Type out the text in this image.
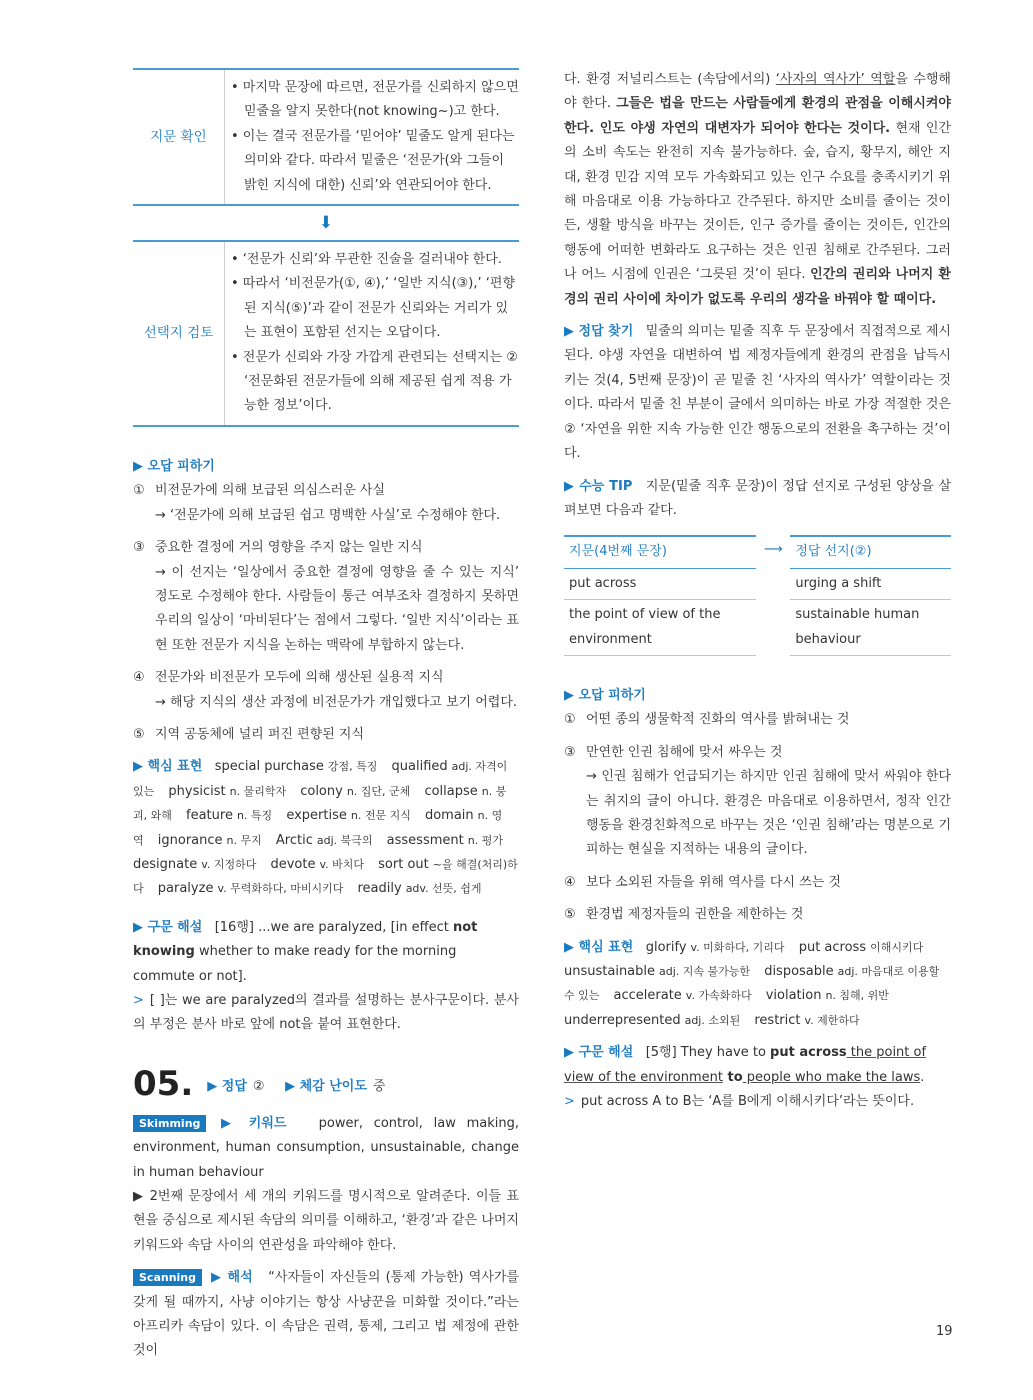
지문 확인
• 마지막 문장에 따르면, 전문가를 신뢰하지 않으면 믿줄을 알지 못한다(not knowing~)고 한다.
• 이는 결국 전문가를 ‘믿어야’ 밑줄도 알게 된다는 의미와 같다. 따라서 밑줄은 ‘전문가(와 그들이 밝힌 지식에 대한) 신뢰’와 연관되어야 한다.
⬇
선택지 검토
• ‘전문가 신뢰’와 무관한 진술을 걸러내야 한다.
• 따라서 ‘비전문가(①, ④),’ ‘일반 지식(③),’ ‘편향된 지식(⑤)’과 같이 전문가 신뢰와는 거리가 있는 표현이 포함된 선지는 오답이다.
• 전문가 신뢰와 가장 가깝게 관련되는 선택지는 ② ‘전문화된 전문가들에 의해 제공된 쉽게 적용 가능한 정보’이다.
▶ 오답 피하기
① 비전문가에 의해 보급된 의심스러운 사실
→ ‘전문가에 의해 보급된 쉽고 명백한 사실’로 수정해야 한다.
③ 중요한 결정에 거의 영향을 주지 않는 일반 지식
→ 이 선지는 ‘일상에서 중요한 결정에 영향을 줄 수 있는 지식’ 정도로 수정해야 한다. 사람들이 통근 여부조차 결정하지 못하면 우리의 일상이 ‘마비된다’는 점에서 그렇다. ‘일반 지식’이라는 표현 또한 전문가 지식을 논하는 맥락에 부합하지 않는다.
④ 전문가와 비전문가 모두에 의해 생산된 실용적 지식
→ 해당 지식의 생산 과정에 비전문가가 개입했다고 보기 어렵다.
⑤ 지역 공동체에 널리 퍼진 편향된 지식
▶ 핵심 표현 special purchase 강점, 특징 qualified adj. 자격이 있는 physicist n. 물리학자 colony n. 집단, 군체 collapse n. 붕괴, 와해 feature n. 특징 expertise n. 전문 지식 domain n. 영역 ignorance n. 무지 Arctic adj. 북극의 assessment n. 평가 designate v. 지정하다 devote v. 바치다 sort out ~을 해결(처리)하다 paralyze v. 무력화하다, 마비시키다 readily adv. 선뜻, 쉽게
▶ 구문 해설 [16행] ...we are paralyzed, [in effect not knowing whether to make ready for the morning commute or not].
> [ ]는 we are paralyzed의 결과를 설명하는 분사구문이다. 분사의 부정은 분사 바로 앞에 not을 붙여 표현한다.
05. ▶ 정답 ② ▶ 체감 난이도 중
Skimming ▶ 키워드 power, control, law making, environment, human consumption, unsustainable, change in human behaviour
▶ 2번째 문장에서 세 개의 키워드를 명시적으로 알려준다. 이들 표현을 중심으로 제시된 속담의 의미를 이해하고, ‘환경’과 같은 나머지 키워드와 속담 사이의 연관성을 파악해야 한다.
Scanning ▶ 해석 “사자들이 자신들의 (통제 가능한) 역사가를 갖게 될 때까지, 사냥 이야기는 항상 사냥꾼을 미화할 것이다.”라는 아프리카 속담이 있다. 이 속담은 권력, 통제, 그리고 법 제정에 관한 것이
다. 환경 저널리스트는 (속담에서의) ‘사자의 역사가’ 역할을 수행해야 한다. 그들은 법을 만드는 사람들에게 환경의 관점을 이해시켜야 한다. 인도 야생 자연의 대변자가 되어야 한다는 것이다. 현재 인간의 소비 속도는 완전히 지속 불가능하다. 숲, 습지, 황무지, 해안 지대, 환경 민감 지역 모두 가속화되고 있는 인구 수요를 충족시키기 위해 마음대로 이용 가능하다고 간주된다. 하지만 소비를 줄이는 것이든, 생활 방식을 바꾸는 것이든, 인구 증가를 줄이는 것이든, 인간의 행동에 어떠한 변화라도 요구하는 것은 인권 침해로 간주된다. 그러나 어느 시점에 인권은 ‘그릇된 것’이 된다. 인간의 권리와 나머지 환경의 권리 사이에 차이가 없도록 우리의 생각을 바꿔야 할 때이다.
▶ 정답 찾기 밑줄의 의미는 밑줄 직후 두 문장에서 직접적으로 제시된다. 야생 자연을 대변하여 법 제정자들에게 환경의 관점을 납득시키는 것(4, 5번째 문장)이 곧 밑줄 친 ‘사자의 역사가’ 역할이라는 것이다. 따라서 밑줄 친 부분이 글에서 의미하는 바로 가장 적절한 것은 ② ‘자연을 위한 지속 가능한 인간 행동으로의 전환을 촉구하는 것’이다.
▶ 수능 TIP 지문(밑줄 직후 문장)이 정답 선지로 구성된 양상을 살펴보면 다음과 같다.
지문(4번째 문장)	⟶	정답 선지(②)
put across		urging a shift
the point of view of the environment		sustainable human behaviour
▶ 오답 피하기
① 어떤 종의 생물학적 진화의 역사를 밝혀내는 것
③ 만연한 인권 침해에 맞서 싸우는 것
→ 인권 침해가 언급되기는 하지만 인권 침해에 맞서 싸워야 한다는 취지의 글이 아니다. 환경은 마음대로 이용하면서, 정작 인간 행동을 환경친화적으로 바꾸는 것은 ‘인권 침해’라는 명분으로 기피하는 현실을 지적하는 내용의 글이다.
④ 보다 소외된 자들을 위해 역사를 다시 쓰는 것
⑤ 환경법 제정자들의 권한을 제한하는 것
▶ 핵심 표현 glorify v. 미화하다, 기리다 put across 이해시키다 unsustainable adj. 지속 불가능한 disposable adj. 마음대로 이용할 수 있는 accelerate v. 가속화하다 violation n. 침해, 위반 underrepresented adj. 소외된 restrict v. 제한하다
▶ 구문 해설 [5행] They have to put across the point of view of the environment to people who make the laws.
> put across A to B는 ‘A를 B에게 이해시키다’라는 뜻이다.
19
